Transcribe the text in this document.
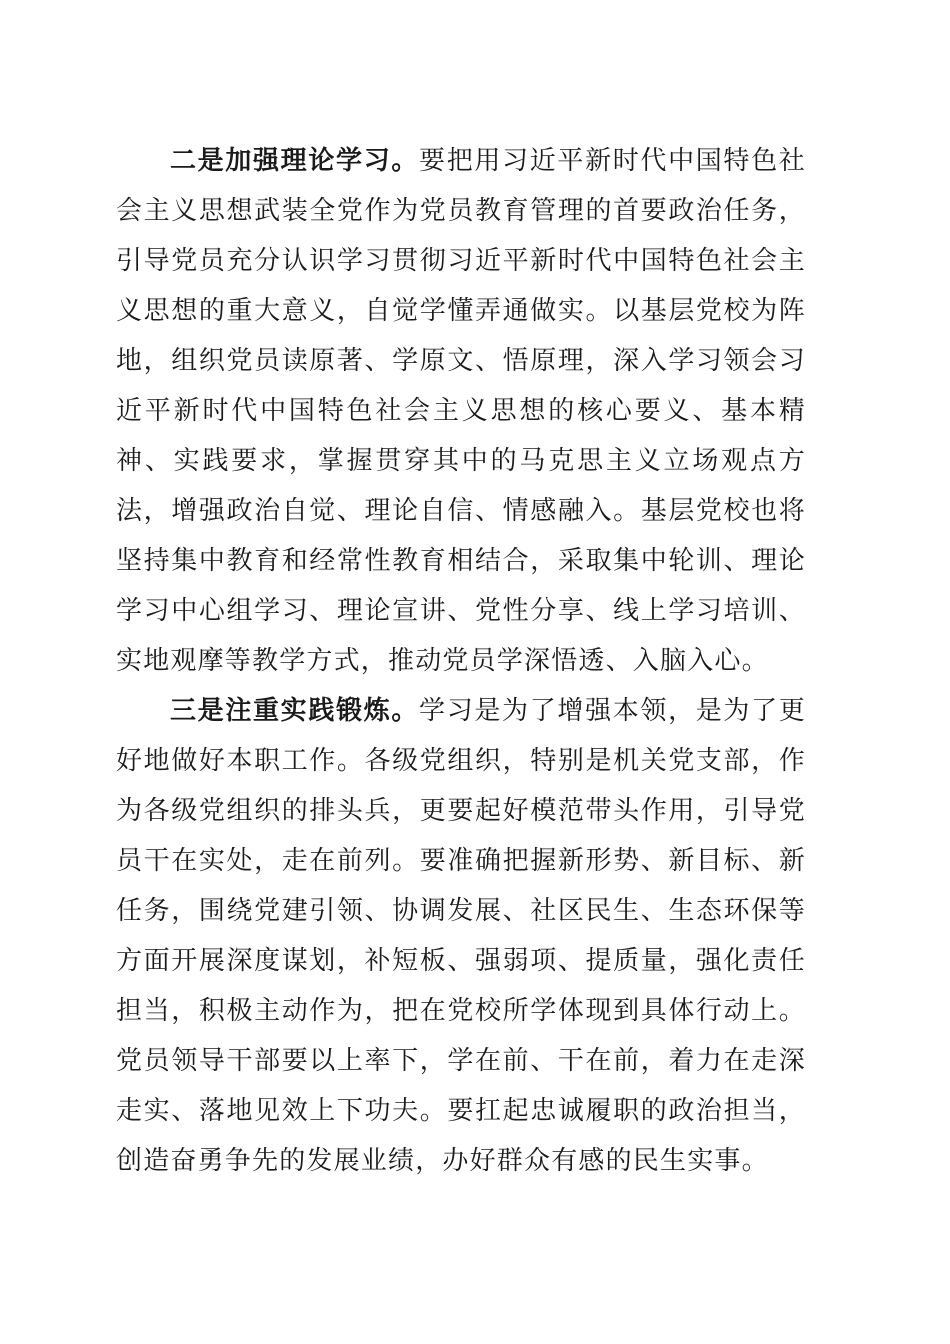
二是加强理论学习。要把用习近平新时代中国特色社会主义思想武装全党作为党员教育管理的首要政治任务，引导党员充分认识学习贯彻习近平新时代中国特色社会主义思想的重大意义，自觉学懂弄通做实。以基层党校为阵地，组织党员读原著、学原文、悟原理，深入学习领会习近平新时代中国特色社会主义思想的核心要义、基本精神、实践要求，掌握贯穿其中的马克思主义立场观点方法，增强政治自觉、理论自信、情感融入。基层党校也将坚持集中教育和经常性教育相结合，采取集中轮训、理论学习中心组学习、理论宣讲、党性分享、线上学习培训、实地观摩等教学方式，推动党员学深悟透、入脑入心。

三是注重实践锻炼。学习是为了增强本领，是为了更好地做好本职工作。各级党组织，特别是机关党支部，作为各级党组织的排头兵，更要起好模范带头作用，引导党员干在实处，走在前列。要准确把握新形势、新目标、新任务，围绕党建引领、协调发展、社区民生、生态环保等方面开展深度谋划，补短板、强弱项、提质量，强化责任担当，积极主动作为，把在党校所学体现到具体行动上。党员领导干部要以上率下，学在前、干在前，着力在走深走实、落地见效上下功夫。要扛起忠诚履职的政治担当，创造奋勇争先的发展业绩，办好群众有感的民生实事。
